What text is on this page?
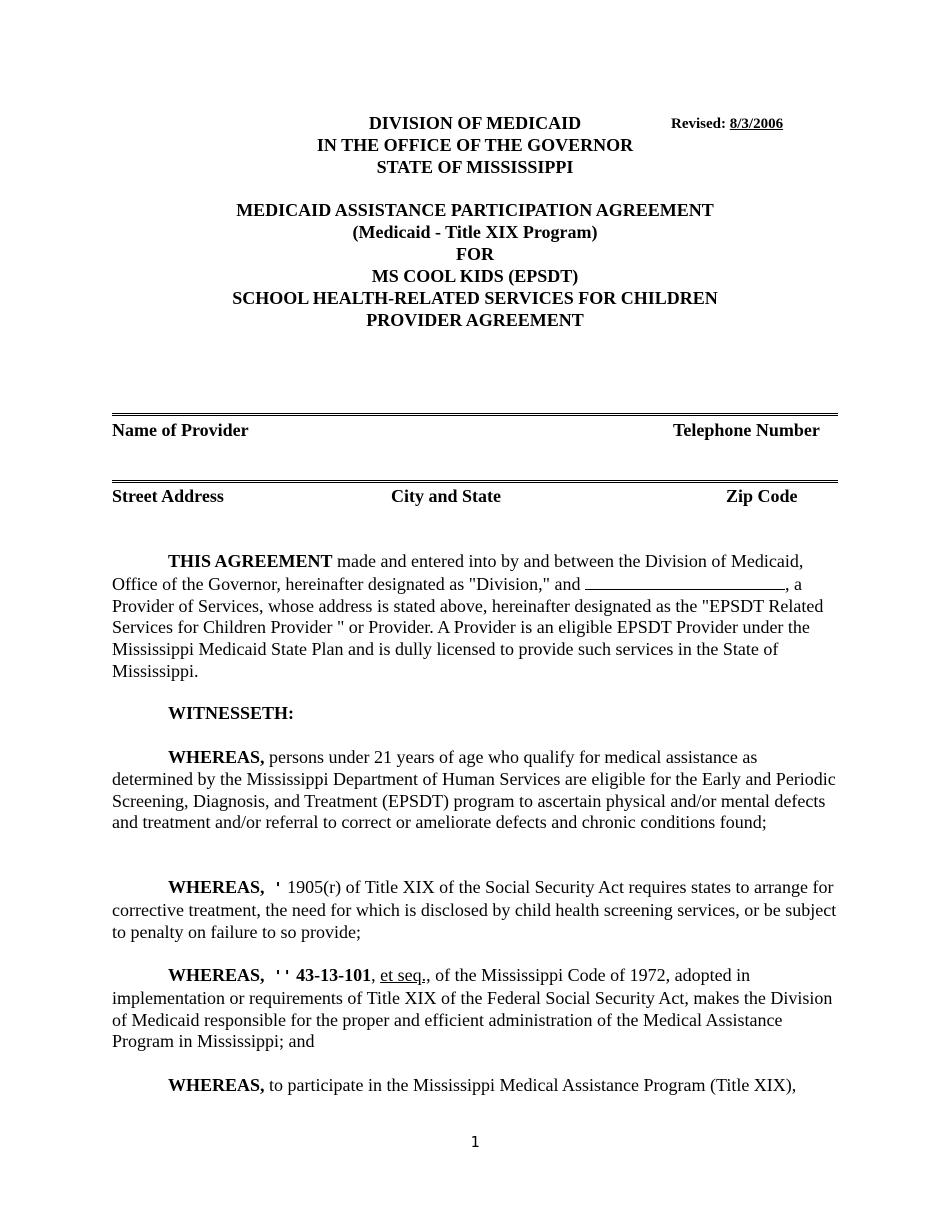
DIVISION OF MEDICAID
IN THE OFFICE OF THE GOVERNOR
STATE OF MISSISSIPPI
Revised: 8/3/2006
MEDICAID ASSISTANCE PARTICIPATION AGREEMENT
(Medicaid - Title XIX Program)
FOR
MS COOL KIDS (EPSDT)
SCHOOL HEALTH-RELATED SERVICES FOR CHILDREN
PROVIDER AGREEMENT
Name of Provider	Telephone Number
Street Address	City and State	Zip Code
THIS AGREEMENT made and entered into by and between the Division of Medicaid, Office of the Governor, hereinafter designated as "Division," and	, a Provider of Services, whose address is stated above, hereinafter designated as the "EPSDT Related Services for Children Provider " or Provider. A Provider is an eligible EPSDT Provider under the Mississippi Medicaid State Plan and is dully licensed to provide such services in the State of Mississippi.
WITNESSETH:
WHEREAS, persons under 21 years of age who qualify for medical assistance as determined by the Mississippi Department of Human Services are eligible for the Early and Periodic Screening, Diagnosis, and Treatment (EPSDT) program to ascertain physical and/or mental defects and treatment and/or referral to correct or ameliorate defects and chronic conditions found;
WHEREAS, ' 1905(r) of Title XIX of the Social Security Act requires states to arrange for corrective treatment, the need for which is disclosed by child health screening services, or be subject to penalty on failure to so provide;
WHEREAS, '' 43-13-101, et seq., of the Mississippi Code of 1972, adopted in implementation or requirements of Title XIX of the Federal Social Security Act, makes the Division of Medicaid responsible for the proper and efficient administration of the Medical Assistance Program in Mississippi; and
WHEREAS, to participate in the Mississippi Medical Assistance Program (Title XIX),
1
